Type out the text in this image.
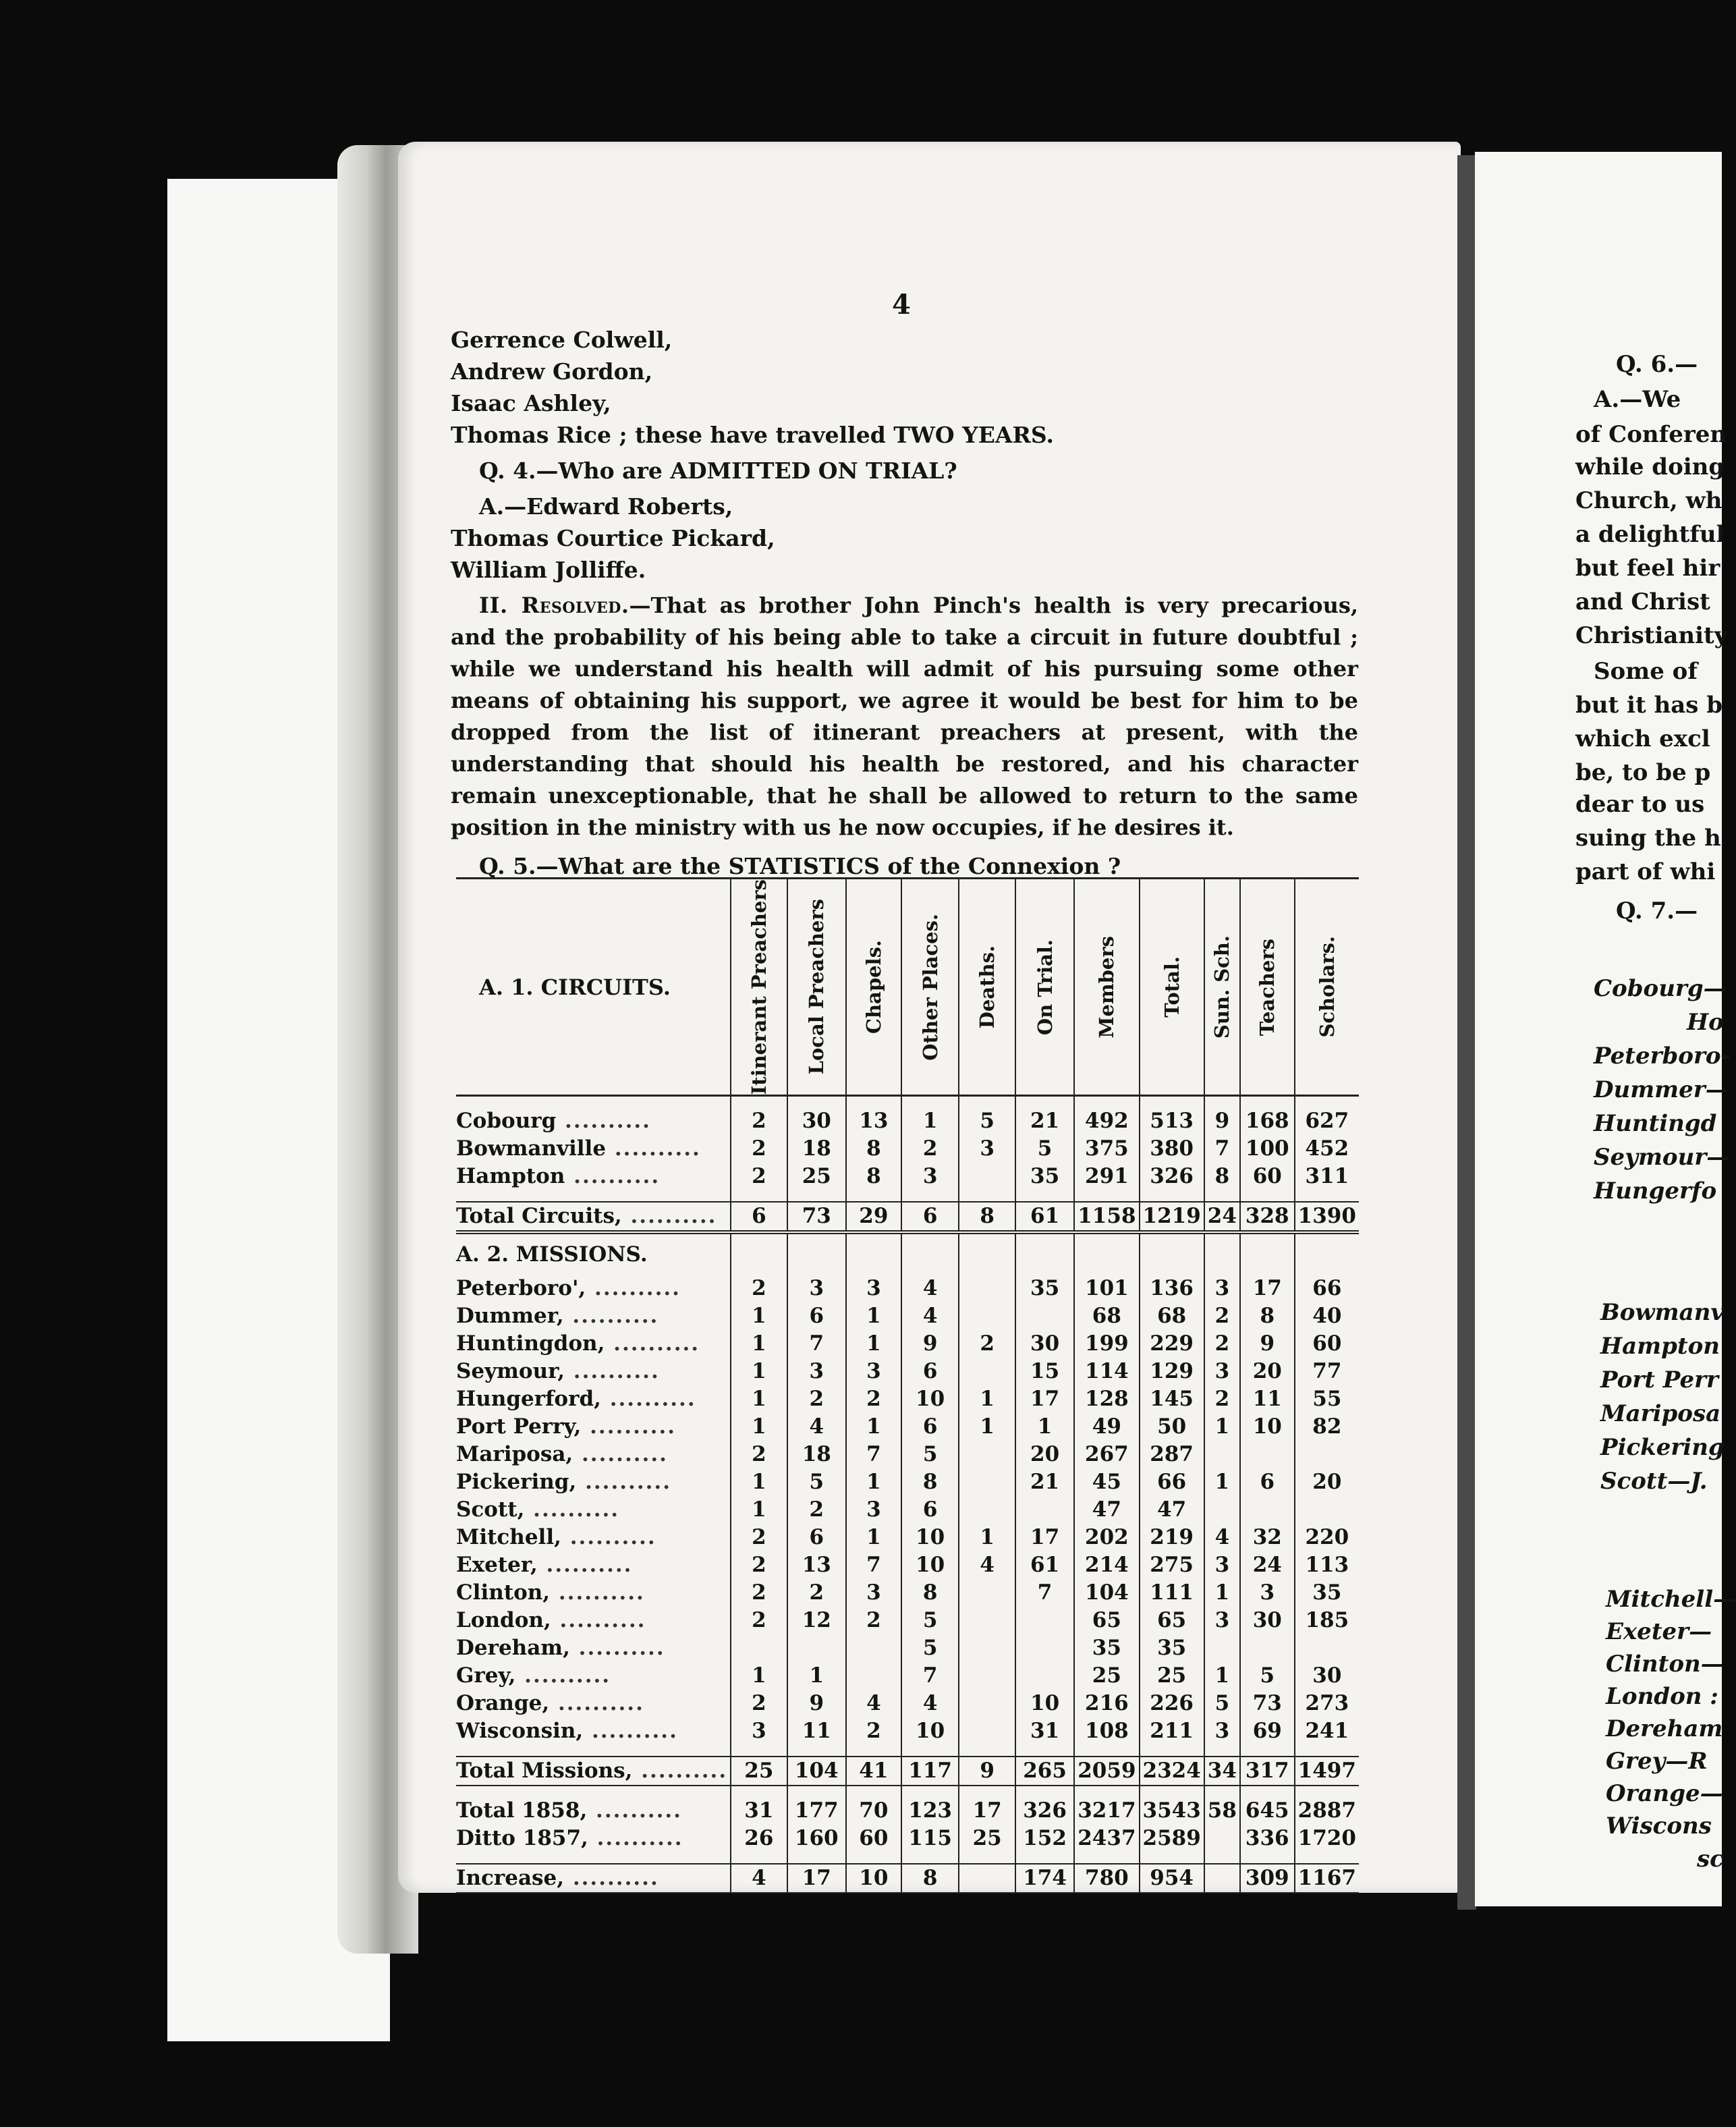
4
Gerrence Colwell,
Andrew Gordon,
Isaac Ashley,
Thomas Rice ; these have travelled TWO YEARS.
Q. 4.—Who are ADMITTED ON TRIAL?
A.—Edward Roberts,
Thomas Courtice Pickard,
William Jolliffe.
II. Resolved.—That as brother John Pinch's health is very precarious, and the probability of his being able to take a circuit in future doubtful ; while we understand his health will admit of his pursuing some other means of obtaining his support, we agree it would be best for him to be dropped from the list of itinerant preachers at present, with the understanding that should his health be restored, and his character remain unexceptionable, that he shall be allowed to return to the same position in the ministry with us he now occupies, if he desires it.
Q. 5.—What are the STATISTICS of the Connexion ?
A. 1. CIRCUITS.	Itinerant Preachers	Local Preachers	Chapels.	Other Places.	Deaths.	On Trial.	Members	Total.	Sun. Sch.	Teachers	Scholars.

Cobourg ..........	2	30	13	1	5	21	492	513	9	168	627
Bowmanville ..........	2	18	8	2	3	5	375	380	7	100	452
Hampton ..........	2	25	8	3		35	291	326	8	60	311

Total Circuits, ..........	6	73	29	6	8	61	1158	1219	24	328	1390
A. 2. MISSIONS.											
Peterboro', ..........	2	3	3	4		35	101	136	3	17	66
Dummer, ..........	1	6	1	4			68	68	2	8	40
Huntingdon, ..........	1	7	1	9	2	30	199	229	2	9	60
Seymour, ..........	1	3	3	6		15	114	129	3	20	77
Hungerford, ..........	1	2	2	10	1	17	128	145	2	11	55
Port Perry, ..........	1	4	1	6	1	1	49	50	1	10	82
Mariposa, ..........	2	18	7	5		20	267	287			
Pickering, ..........	1	5	1	8		21	45	66	1	6	20
Scott, ..........	1	2	3	6			47	47			
Mitchell, ..........	2	6	1	10	1	17	202	219	4	32	220
Exeter, ..........	2	13	7	10	4	61	214	275	3	24	113
Clinton, ..........	2	2	3	8		7	104	111	1	3	35
London, ..........	2	12	2	5			65	65	3	30	185
Dereham, ..........				5			35	35			
Grey, ..........	1	1		7			25	25	1	5	30
Orange, ..........	2	9	4	4		10	216	226	5	73	273
Wisconsin, ..........	3	11	2	10		31	108	211	3	69	241

Total Missions, ..........	25	104	41	117	9	265	2059	2324	34	317	1497

Total 1858, ..........	31	177	70	123	17	326	3217	3543	58	645	2887
Ditto 1857, ..........	26	160	60	115	25	152	2437	2589		336	1720

Increase, ..........	4	17	10	8		174	780	954		309	1167
Q. 6.—
A.—We
of Conferen
while doing
Church, wh
a delightful
but feel hir
and Christ
Christianity
Some of
but it has b
which excl
be, to be p
dear to us
suing the h
part of whi
Q. 7.—
Cobourg—
Ho
Peterboro-
Dummer—
Huntingd
Seymour—
Hungerfo
Bowmanv
Hampton
Port Perr
Mariposa
Pickering
Scott—J.
Mitchell—
Exeter—
Clinton—
London :
Dereham
Grey—R
Orange—
Wiscons
sc
